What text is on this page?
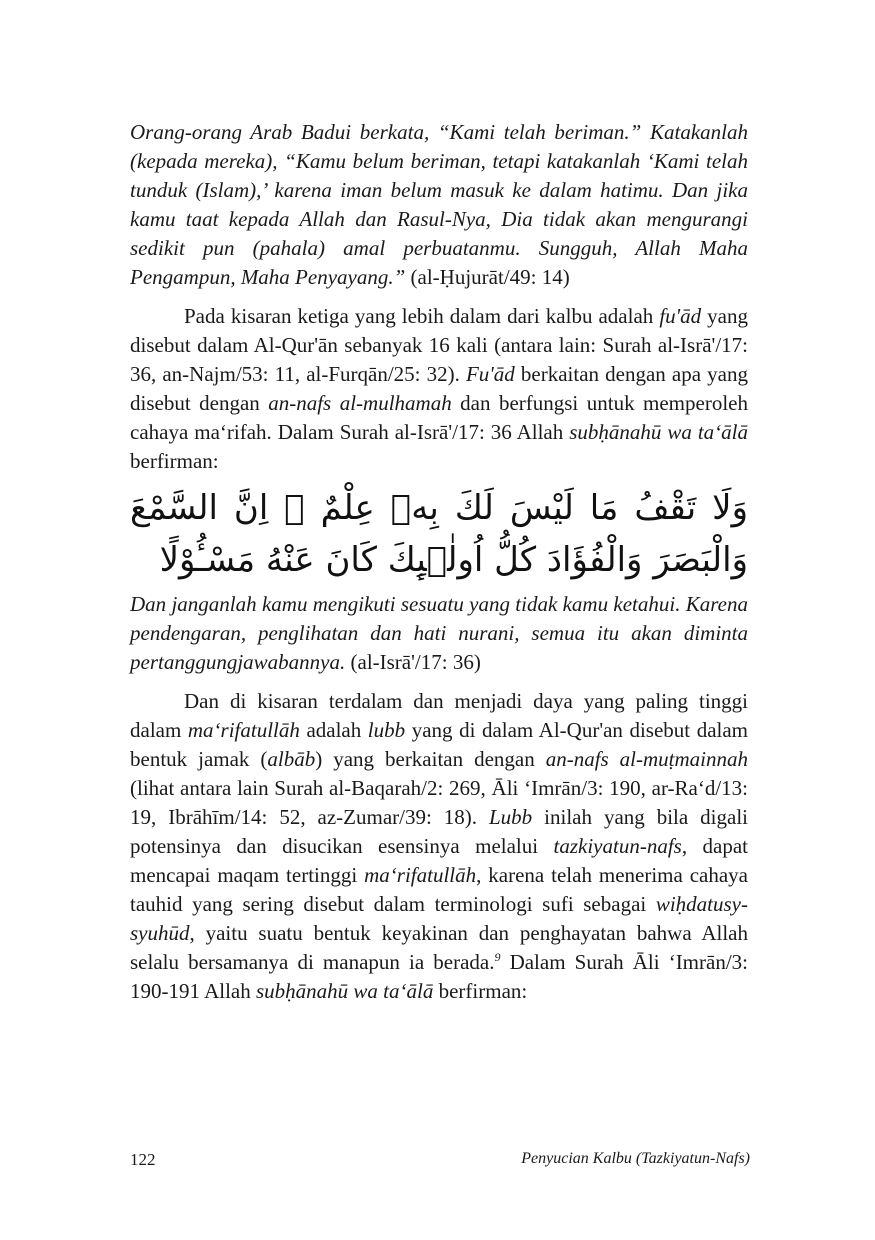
Orang-orang Arab Badui berkata, “Kami telah beriman.” Katakanlah (kepada mereka), “Kamu belum beriman, tetapi katakanlah ‘Kami telah tunduk (Islam),’ karena iman belum masuk ke dalam hatimu. Dan jika kamu taat kepada Allah dan Rasul-Nya, Dia tidak akan mengurangi sedikit pun (pahala) amal perbuatanmu. Sungguh, Allah Maha Pengampun, Maha Penyayang.” (al-Ḥujurāt/49: 14)

Pada kisaran ketiga yang lebih dalam dari kalbu adalah fu'ād yang disebut dalam Al-Qur'ān sebanyak 16 kali (antara lain: Surah al-Isrā'/17: 36, an-Najm/53: 11, al-Furqān/25: 32). Fu'ād berkaitan dengan apa yang disebut dengan an-nafs al-mulhamah dan berfungsi untuk memperoleh cahaya ma‘rifah. Dalam Surah al-Isrā'/17: 36 Allah subḥānahū wa ta‘ālā berfirman:

وَلَا تَقْفُ مَا لَيْسَ لَكَ بِهٖ عِلْمٌ ۗ اِنَّ السَّمْعَ وَالْبَصَرَ وَالْفُؤَادَ كُلُّ اُولٰۤىِٕكَ كَانَ عَنْهُ مَسْـُٔوْلًا

Dan janganlah kamu mengikuti sesuatu yang tidak kamu ketahui. Karena pendengaran, penglihatan dan hati nurani, semua itu akan diminta pertanggungjawabannya. (al-Isrā'/17: 36)

Dan di kisaran terdalam dan menjadi daya yang paling tinggi dalam ma‘rifatullāh adalah lubb yang di dalam Al-Qur'an disebut dalam bentuk jamak (albāb) yang berkaitan dengan an-nafs al-muṭmainnah (lihat antara lain Surah al-Baqarah/2: 269, Āli ‘Imrān/3: 190, ar-Ra‘d/13: 19, Ibrāhīm/14: 52, az-Zumar/39: 18). Lubb inilah yang bila digali potensinya dan disucikan esensinya melalui tazkiyatun-nafs, dapat mencapai maqam tertinggi ma‘rifatullāh, karena telah menerima cahaya tauhid yang sering disebut dalam terminologi sufi sebagai wiḥdatusy-syuhūd, yaitu suatu bentuk keyakinan dan penghayatan bahwa Allah selalu bersamanya di manapun ia berada.$^9$ Dalam Surah Āli ‘Imrān/3: 190-191 Allah subḥānahū wa ta‘ālā berfirman:

122	Penyucian Kalbu (Tazkiyatun-Nafs)
